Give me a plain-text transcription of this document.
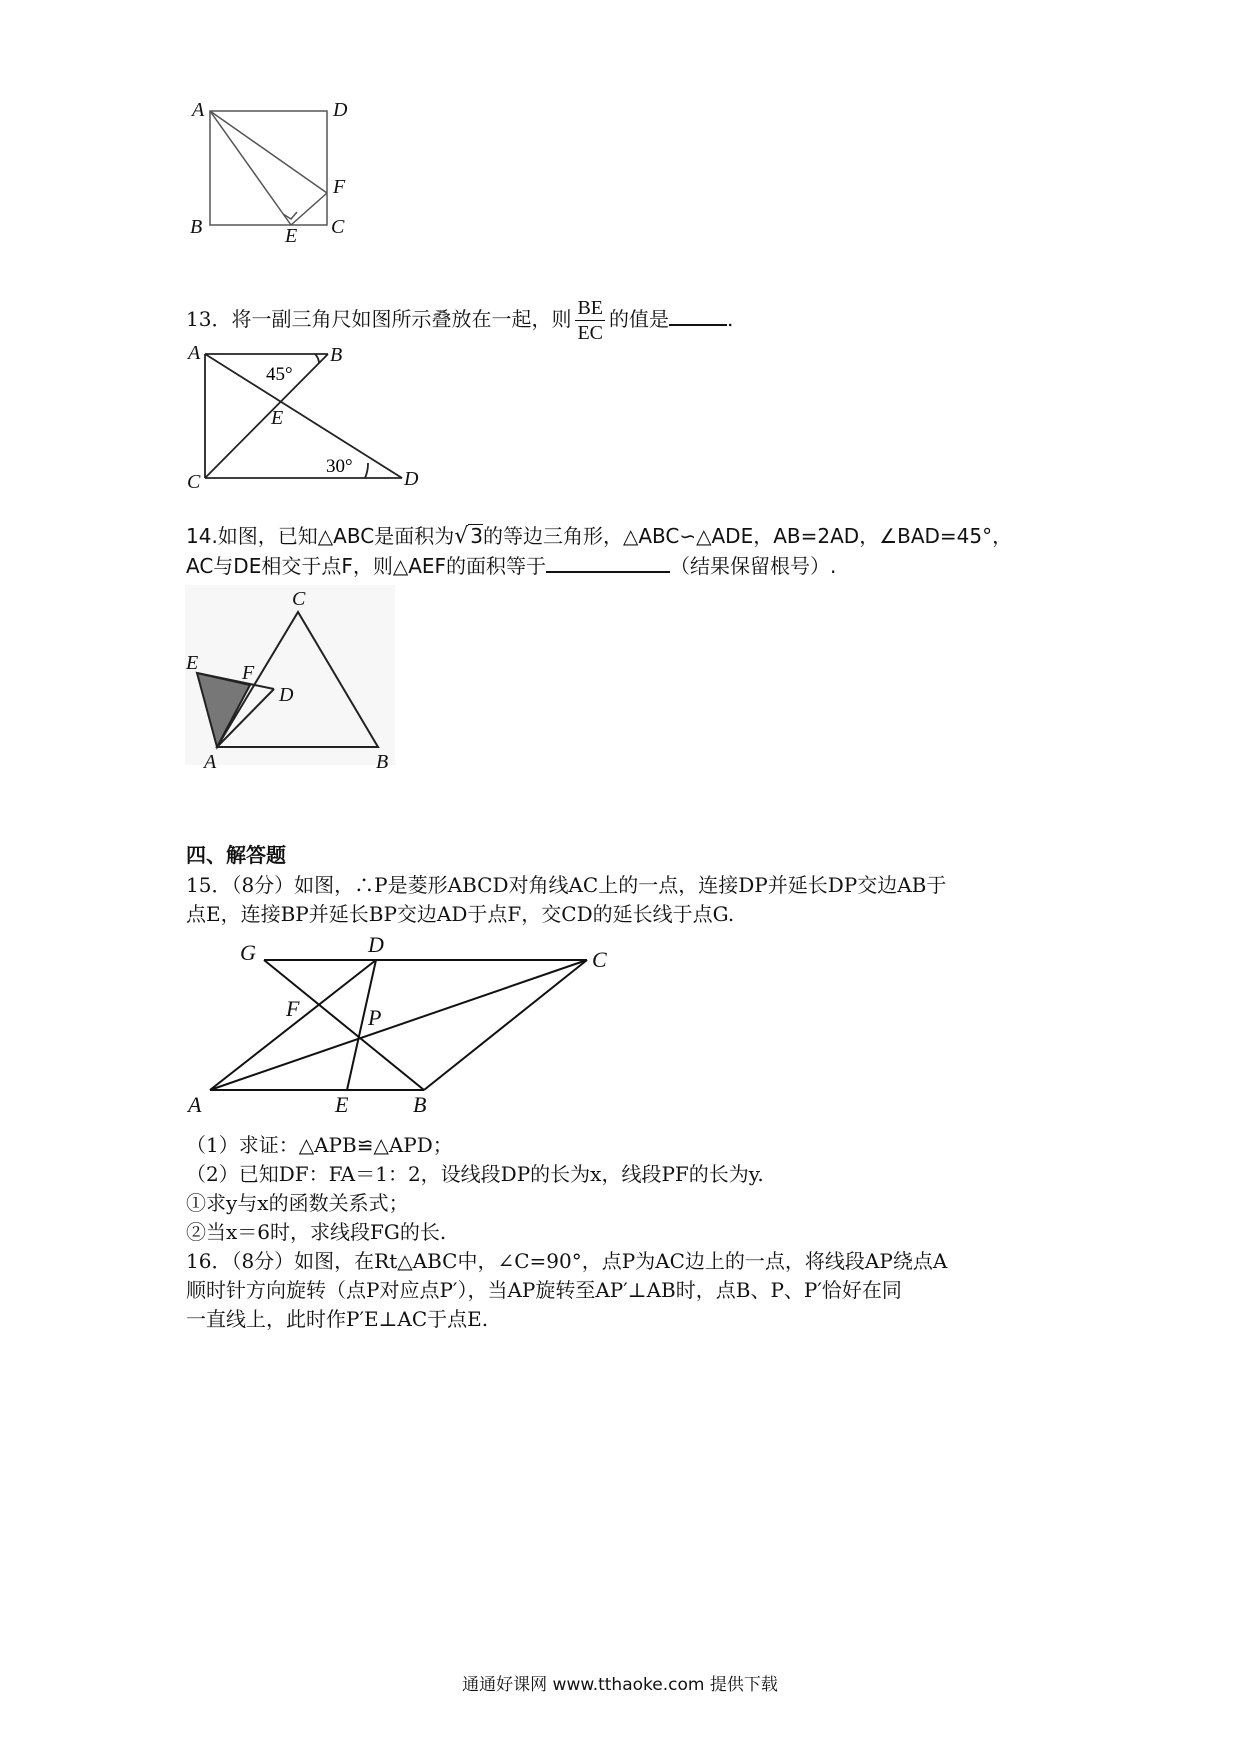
A	D
B	E C
F
13．将一副三角尺如图所示叠放在一起，则 $\frac{BE}{EC}$ 的值是	.
A	B
C	D
E
45°
30°
14.如图，已知△ABC是面积为√ 3的等边三角形，△ABC∽△ADE，AB=2AD，∠BAD=45°，
AC与DE相交于点F，则△AEF的面积等于	（结果保留根号）.
C
E F
D
A	B
四、解答题
15．（8分）如图，∴P是菱形ABCD对角线AC上的一点，连接DP并延长DP交边AB于
点E，连接BP并延长BP交边AD于点F，交CD的延长线于点G.
G	D
C
F	P
A	E	B
（1）求证：△APB≌△APD；
（2）已知DF：FA＝1：2，设线段DP的长为x，线段PF的长为y.
①求y与x的函数关系式；
②当x＝6时，求线段FG的长.
16．（8分）如图，在Rt△ABC中，∠C=90°，点P为AC边上的一点，将线段AP绕点A
顺时针方向旋转（点P对应点P′），当AP旋转至AP′⊥AB时，点B、P、P′恰好在同
一直线上，此时作P′E⊥AC于点E.
通通好课网 www.tthaoke.com 提供下载
